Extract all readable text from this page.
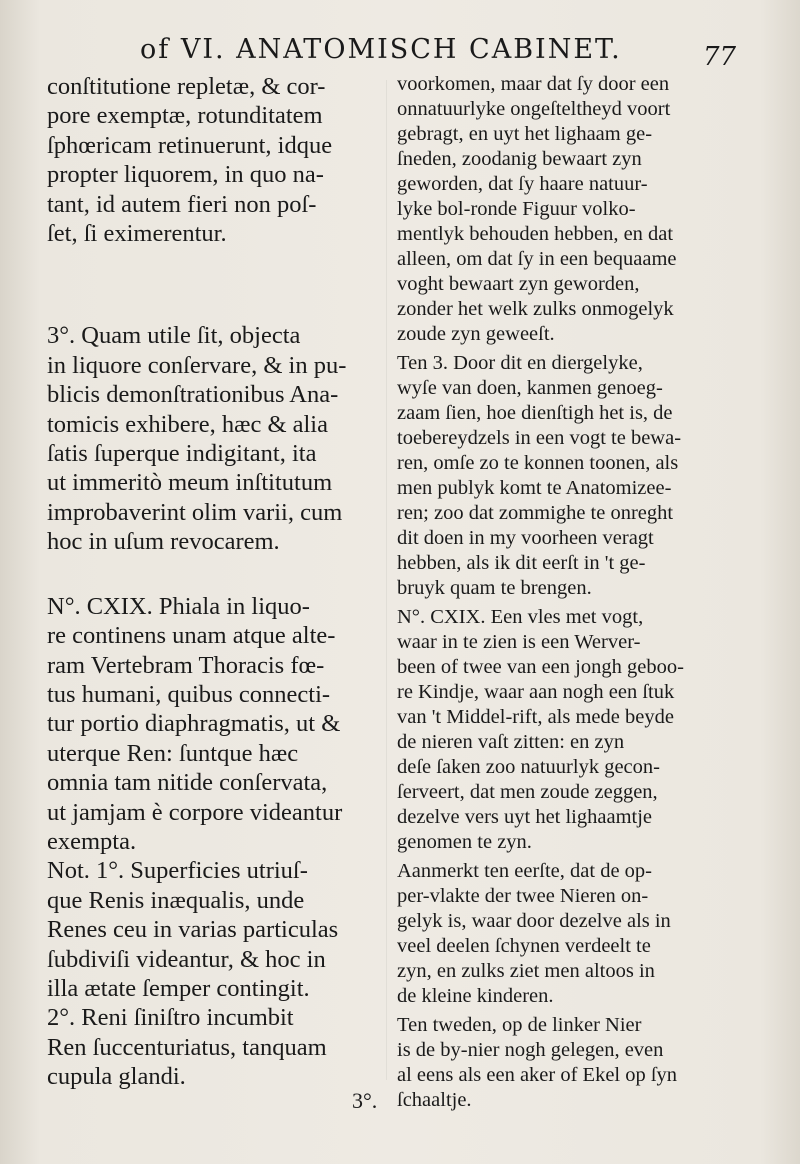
of VI. ANATOMISCH CABINET.	77

conſtitutione repletæ, & cor-
pore exemptæ, rotunditatem
ſphœricam retinuerunt, idque
propter liquorem, in quo na-
tant, id autem fieri non poſ-
ſet, ſi eximerentur.

3°. Quam utile ſit, objecta
in liquore conſervare, & in pu-
blicis demonſtrationibus Ana-
tomicis exhibere, hæc & alia
ſatis ſuperque indigitant, ita
ut immeritò meum inſtitutum
improbaverint olim varii, cum
hoc in uſum revocarem.

N°. CXIX. Phiala in liquo-
re continens unam atque alte-
ram Vertebram Thoracis fœ-
tus humani, quibus connecti-
tur portio diaphragmatis, ut &
uterque Ren: ſuntque hæc
omnia tam nitide conſervata,
ut jamjam è corpore videantur
exempta.

Not. 1°. Superficies utriuſ-
que Renis inæqualis, unde
Renes ceu in varias particulas
ſubdiviſi videantur, & hoc in
illa ætate ſemper contingit.

2°. Reni ſiniſtro incumbit
Ren ſuccenturiatus, tanquam
cupula glandi.

voorkomen, maar dat ſy door een
onnatuurlyke ongeſteltheyd voort
gebragt, en uyt het lighaam ge-
ſneden, zoodanig bewaart zyn
geworden, dat ſy haare natuur-
lyke bol-ronde Figuur volko-
mentlyk behouden hebben, en dat
alleen, om dat ſy in een bequaame
voght bewaart zyn geworden,
zonder het welk zulks onmogelyk
zoude zyn geweeſt.

Ten 3. Door dit en diergelyke,
wyſe van doen, kanmen genoeg-
zaam ſien, hoe dienſtigh het is, de
toebereydzels in een vogt te bewa-
ren, omſe zo te konnen toonen, als
men publyk komt te Anatomizee-
ren; zoo dat zommighe te onreght
dit doen in my voorheen veragt
hebben, als ik dit eerſt in 't ge-
bruyk quam te brengen.

N°. CXIX. Een vles met vogt,
waar in te zien is een Werver-
been of twee van een jongh geboo-
re Kindje, waar aan nogh een ſtuk
van 't Middel-rift, als mede beyde
de nieren vaſt zitten: en zyn
deſe ſaken zoo natuurlyk gecon-
ſerveert, dat men zoude zeggen,
dezelve vers uyt het lighaamtje
genomen te zyn.

Aanmerkt ten eerſte, dat de op-
per-vlakte der twee Nieren on-
gelyk is, waar door dezelve als in
veel deelen ſchynen verdeelt te
zyn, en zulks ziet men altoos in
de kleine kinderen.

Ten tweden, op de linker Nier
is de by-nier nogh gelegen, even
al eens als een aker of Ekel op ſyn
ſchaaltje.

3°.
